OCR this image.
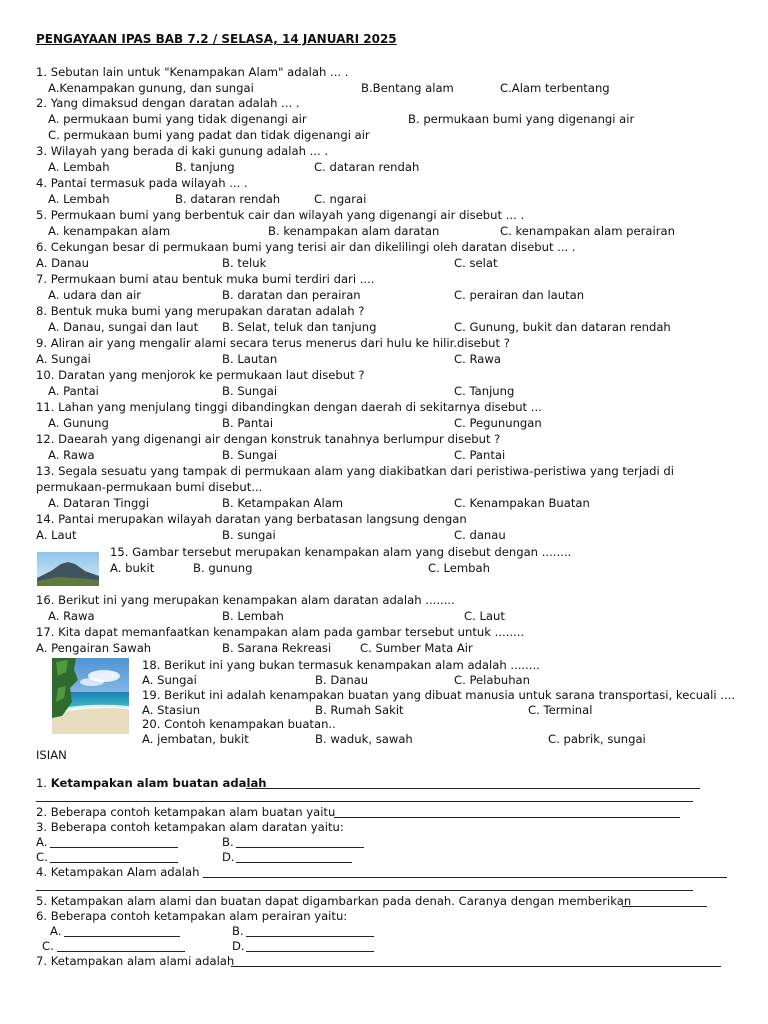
PENGAYAAN IPAS BAB 7.2 / SELASA, 14 JANUARI 2025
1. Sebutan lain untuk "Kenampakan Alam" adalah ... .
A.Kenampakan gunung, dan sungai	B.Bentang alam	C.Alam terbentang
2. Yang dimaksud dengan daratan adalah ... .
A. permukaan bumi yang tidak digenangi air	B. permukaan bumi yang digenangi air
C. permukaan bumi yang padat dan tidak digenangi air
3. Wilayah yang berada di kaki gunung adalah ... .
A. Lembah	B. tanjung	C. dataran rendah
4. Pantai termasuk pada wilayah ... .
A. Lembah	B. dataran rendah	C. ngarai
5. Permukaan bumi yang berbentuk cair dan wilayah yang digenangi air disebut ... .
A. kenampakan alam	B. kenampakan alam daratan	C. kenampakan alam perairan
6. Cekungan besar di permukaan bumi yang terisi air dan dikelilingi oleh daratan disebut ... .
A. Danau	B. teluk	C. selat
7. Permukaan bumi atau bentuk muka bumi terdiri dari ....
A. udara dan air	B. daratan dan perairan	C. perairan dan lautan
8. Bentuk muka bumi yang merupakan daratan adalah ?
A. Danau, sungai dan laut B. Selat, teluk dan tanjung	C. Gunung, bukit dan dataran rendah
9. Aliran air yang mengalir alami secara terus menerus dari hulu ke hilir.disebut ?
A. Sungai	B. Lautan	C. Rawa
10. Daratan yang menjorok ke permukaan laut disebut ?
A. Pantai	B. Sungai	C. Tanjung
11. Lahan yang menjulang tinggi dibandingkan dengan daerah di sekitarnya disebut ...
A. Gunung	B. Pantai	C. Pegunungan
12. Daearah yang digenangi air dengan konstruk tanahnya berlumpur disebut ?
A. Rawa	B. Sungai	C. Pantai
13. Segala sesuatu yang tampak di permukaan alam yang diakibatkan dari peristiwa-peristiwa yang terjadi di
permukaan-permukaan bumi disebut...
A. Dataran Tinggi	B. Ketampakan Alam	C. Kenampakan Buatan
14. Pantai merupakan wilayah daratan yang berbatasan langsung dengan
A. Laut	B. sungai	C. danau
15. Gambar tersebut merupakan kenampakan alam yang disebut dengan ........
A. bukit	B. gunung	C. Lembah
16. Berikut ini yang merupakan kenampakan alam daratan adalah ........
A. Rawa	B. Lembah	C. Laut
17. Kita dapat memanfaatkan kenampakan alam pada gambar tersebut untuk ........
A. Pengairan Sawah	B. Sarana Rekreasi C. Sumber Mata Air
18. Berikut ini yang bukan termasuk kenampakan alam adalah ........
A. Sungai	B. Danau	C. Pelabuhan
19. Berikut ini adalah kenampakan buatan yang dibuat manusia untuk sarana transportasi, kecuali ....
A. Stasiun	B. Rumah Sakit	C. Terminal
20. Contoh kenampakan buatan..
A. jembatan, bukit	B. waduk, sawah	C. pabrik, sungai
ISIAN
1. Ketampakan alam buatan adalah
2. Beberapa contoh ketampakan alam buatan yaitu
3. Beberapa contoh ketampakan alam daratan yaitu:
A.	B.
C.	D.
4. Ketampakan Alam adalah
5. Ketampakan alam alami dan buatan dapat digambarkan pada denah. Caranya dengan memberikan
6. Beberapa contoh ketampakan alam perairan yaitu:
A.	B.
C.	D.
7. Ketampakan alam alami adalah
